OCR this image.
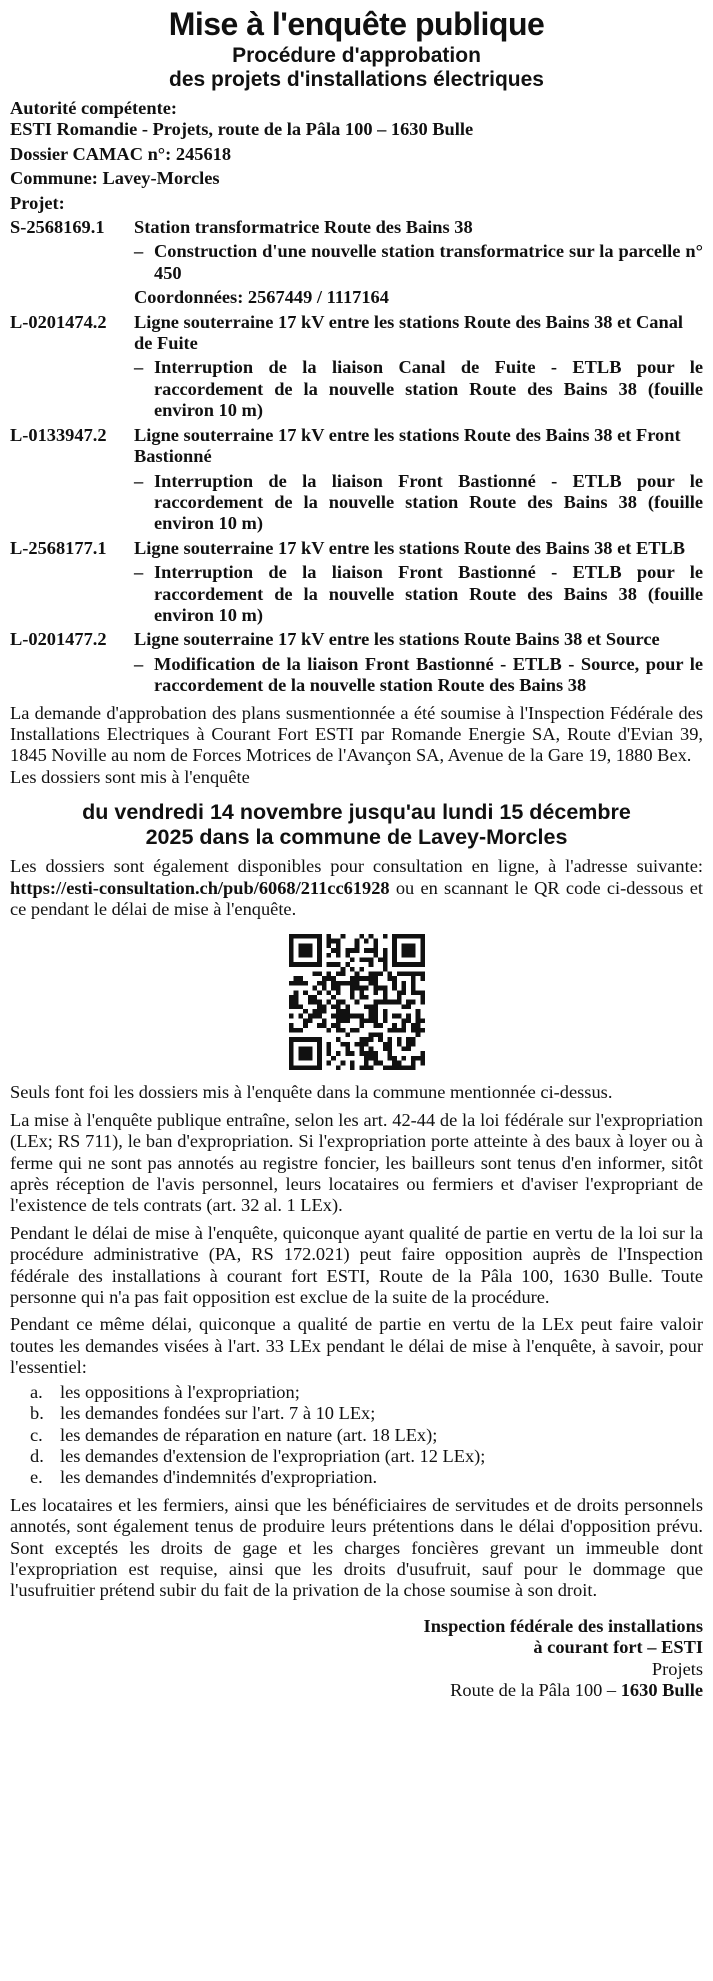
Mise à l'enquête publique
Procédure d'approbation
des projets d'installations électriques
Autorité compétente:
ESTI Romandie - Projets, route de la Pâla 100 – 1630 Bulle
Dossier CAMAC n°: 245618
Commune: Lavey-Morcles
Projet:
S-2568169.1	Station transformatrice Route des Bains 38
– Construction d'une nouvelle station transformatrice sur la parcelle n° 450
Coordonnées: 2567449 / 1117164
L-0201474.2	Ligne souterraine 17 kV entre les stations Route des Bains 38 et Canal de Fuite
– Interruption de la liaison Canal de Fuite - ETLB pour le raccordement de la nouvelle station Route des Bains 38 (fouille environ 10 m)
L-0133947.2	Ligne souterraine 17 kV entre les stations Route des Bains 38 et Front Bastionné
– Interruption de la liaison Front Bastionné - ETLB pour le raccordement de la nouvelle station Route des Bains 38 (fouille environ 10 m)
L-2568177.1	Ligne souterraine 17 kV entre les stations Route des Bains 38 et ETLB
– Interruption de la liaison Front Bastionné - ETLB pour le raccordement de la nouvelle station Route des Bains 38 (fouille environ 10 m)
L-0201477.2	Ligne souterraine 17 kV entre les stations Route Bains 38 et Source
– Modification de la liaison Front Bastionné - ETLB - Source, pour le raccordement de la nouvelle station Route des Bains 38

La demande d'approbation des plans susmentionnée a été soumise à l'Inspection Fédérale des Installations Electriques à Courant Fort ESTI par Romande Energie SA, Route d'Evian 39, 1845 Noville au nom de Forces Motrices de l'Avançon SA, Avenue de la Gare 19, 1880 Bex.

Les dossiers sont mis à l'enquête
du vendredi 14 novembre jusqu'au lundi 15 décembre
2025 dans la commune de Lavey-Morcles

Les dossiers sont également disponibles pour consultation en ligne, à l'adresse suivante: https://esti-consultation.ch/pub/6068/211cc61928 ou en scannant le QR code ci-dessous et ce pendant le délai de mise à l'enquête.

Seuls font foi les dossiers mis à l'enquête dans la commune mentionnée ci-dessus.

La mise à l'enquête publique entraîne, selon les art. 42-44 de la loi fédérale sur l'expropriation (LEx; RS 711), le ban d'expropriation. Si l'expropriation porte atteinte à des baux à loyer ou à ferme qui ne sont pas annotés au registre foncier, les bailleurs sont tenus d'en informer, sitôt après réception de l'avis personnel, leurs locataires ou fermiers et d'aviser l'expropriant de l'existence de tels contrats (art. 32 al. 1 LEx).

Pendant le délai de mise à l'enquête, quiconque ayant qualité de partie en vertu de la loi sur la procédure administrative (PA, RS 172.021) peut faire opposition auprès de l'Inspection fédérale des installations à courant fort ESTI, Route de la Pâla 100, 1630 Bulle. Toute personne qui n'a pas fait opposition est exclue de la suite de la procédure.

Pendant ce même délai, quiconque a qualité de partie en vertu de la LEx peut faire valoir toutes les demandes visées à l'art. 33 LEx pendant le délai de mise à l'enquête, à savoir, pour l'essentiel:

a. les oppositions à l'expropriation;
b. les demandes fondées sur l'art. 7 à 10 LEx;
c. les demandes de réparation en nature (art. 18 LEx);
d. les demandes d'extension de l'expropriation (art. 12 LEx);
e. les demandes d'indemnités d'expropriation.

Les locataires et les fermiers, ainsi que les bénéficiaires de servitudes et de droits personnels annotés, sont également tenus de produire leurs prétentions dans le délai d'opposition prévu. Sont exceptés les droits de gage et les charges foncières grevant un immeuble dont l'expropriation est requise, ainsi que les droits d'usufruit, sauf pour le dommage que l'usufruitier prétend subir du fait de la privation de la chose soumise à son droit.

Inspection fédérale des installations
à courant fort – ESTI
Projets
Route de la Pâla 100 – 1630 Bulle
